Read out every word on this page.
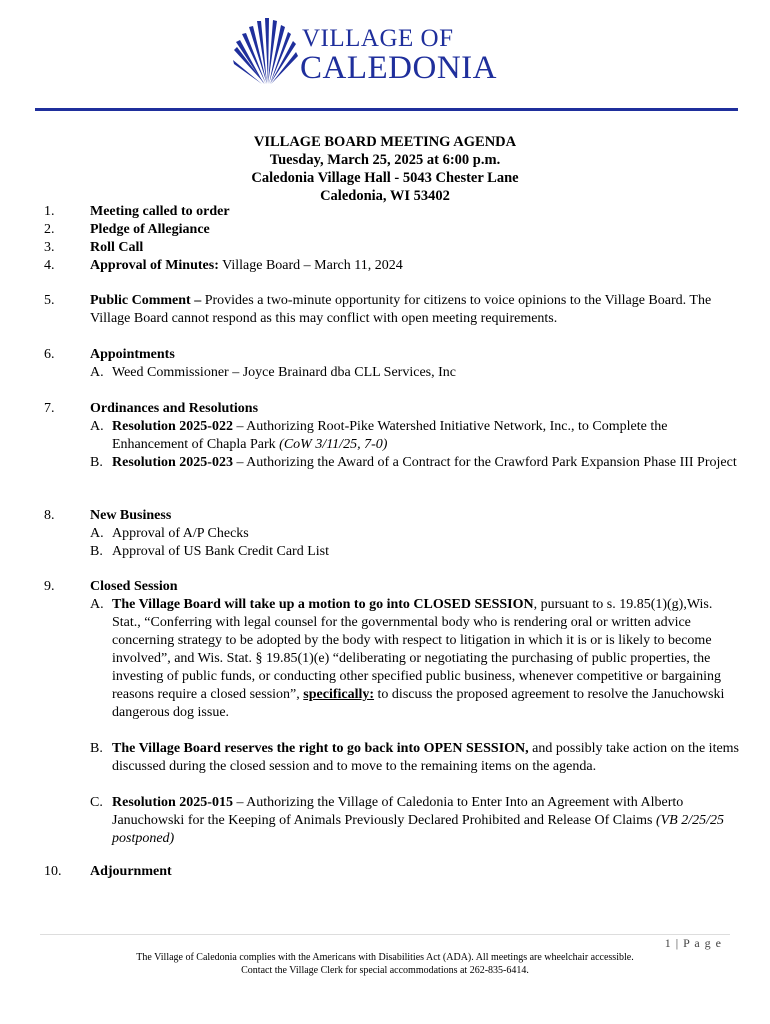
VILLAGE OF
CALEDONIA
VILLAGE BOARD MEETING AGENDA
Tuesday, March 25, 2025 at 6:00 p.m.
Caledonia Village Hall - 5043 Chester Lane
Caledonia, WI 53402
1.	Meeting called to order
2.	Pledge of Allegiance
3.	Roll Call
4.	Approval of Minutes: Village Board – March 11, 2024
5.	Public Comment – Provides a two-minute opportunity for citizens to voice opinions to the Village Board. The Village Board cannot respond as this may conflict with open meeting requirements.
6.	Appointments
A. Weed Commissioner – Joyce Brainard dba CLL Services, Inc
7.	Ordinances and Resolutions
A. Resolution 2025-022 – Authorizing Root-Pike Watershed Initiative Network, Inc., to Complete the Enhancement of Chapla Park (CoW 3/11/25, 7-0)
B. Resolution 2025-023 – Authorizing the Award of a Contract for the Crawford Park Expansion Phase III Project
8.	New Business
A. Approval of A/P Checks
B. Approval of US Bank Credit Card List
9.	Closed Session
A. The Village Board will take up a motion to go into CLOSED SESSION, pursuant to s. 19.85(1)(g),Wis. Stat., “Conferring with legal counsel for the governmental body who is rendering oral or written advice concerning strategy to be adopted by the body with respect to litigation in which it is or is likely to become involved”, and Wis. Stat. § 19.85(1)(e) “deliberating or negotiating the purchasing of public properties, the investing of public funds, or conducting other specified public business, whenever competitive or bargaining reasons require a closed session”, specifically: to discuss the proposed agreement to resolve the Januchowski dangerous dog issue.
B. The Village Board reserves the right to go back into OPEN SESSION, and possibly take action on the items discussed during the closed session and to move to the remaining items on the agenda.
C. Resolution 2025-015 – Authorizing the Village of Caledonia to Enter Into an Agreement with Alberto Januchowski for the Keeping of Animals Previously Declared Prohibited and Release Of Claims (VB 2/25/25 postponed)
10.	Adjournment
1 | P a g e
The Village of Caledonia complies with the Americans with Disabilities Act (ADA). All meetings are wheelchair accessible.
Contact the Village Clerk for special accommodations at 262-835-6414.
